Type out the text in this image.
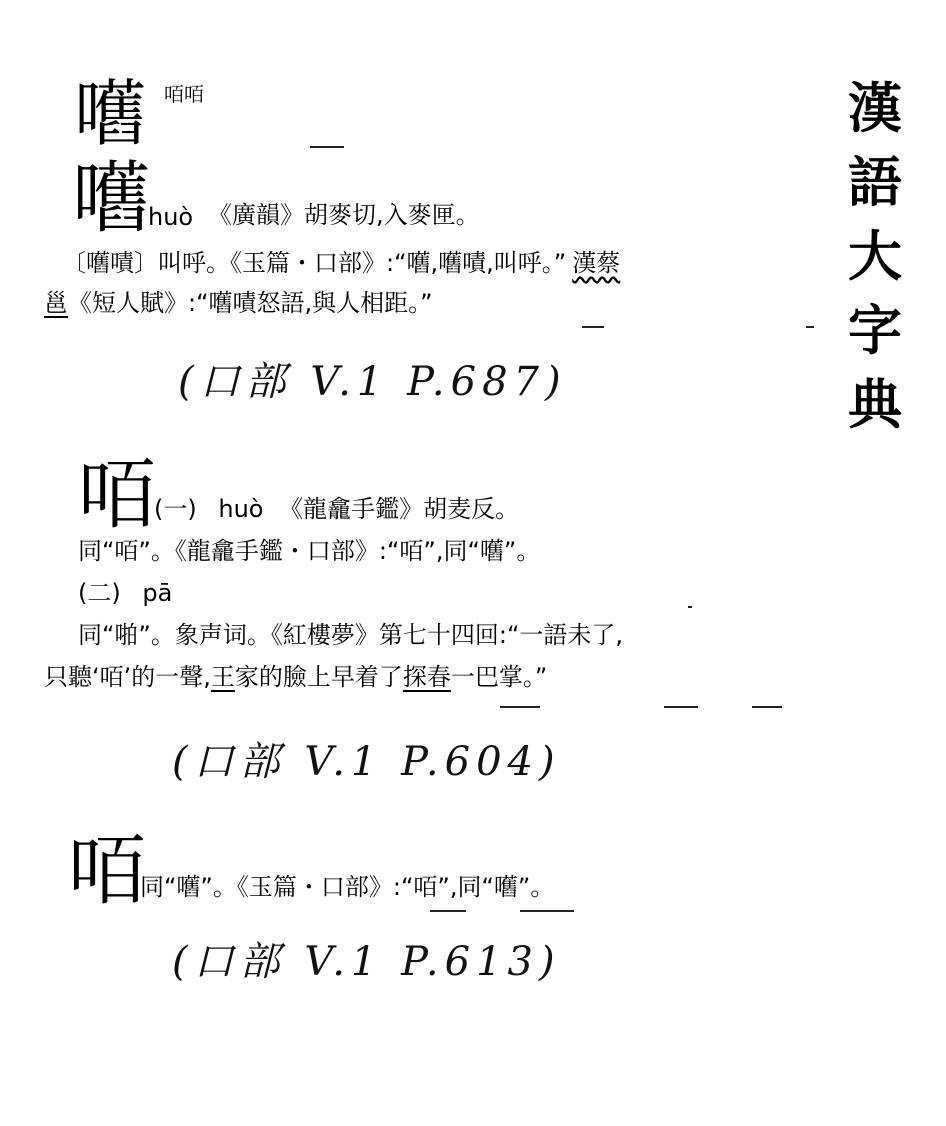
漢
語
大
字
典
嚿 咟咟
嚿
huò 《廣韻》胡麥切,入麥匣。
〔嚿嘖〕叫呼。《玉篇・口部》:“嚿,嚿嘖,叫呼。” 漢蔡
邕《短人賦》:“嚿嘖怒語,與人相距。”
(口部 V.1 P.687)
咟
(一) huò 《龍龕手鑑》胡麦反。
同“咟”。《龍龕手鑑・口部》:“咟”,同“嚿”。
(二) pā
同“啪”。象声词。《紅樓夢》第七十四回:“一語未了,
只聽‘咟’的一聲,王家的臉上早着了探春一巴掌。”
(口部 V.1 P.604)
咟
同“嚿”。《玉篇・口部》:“咟”,同“嚿”。
(口部 V.1 P.613)
